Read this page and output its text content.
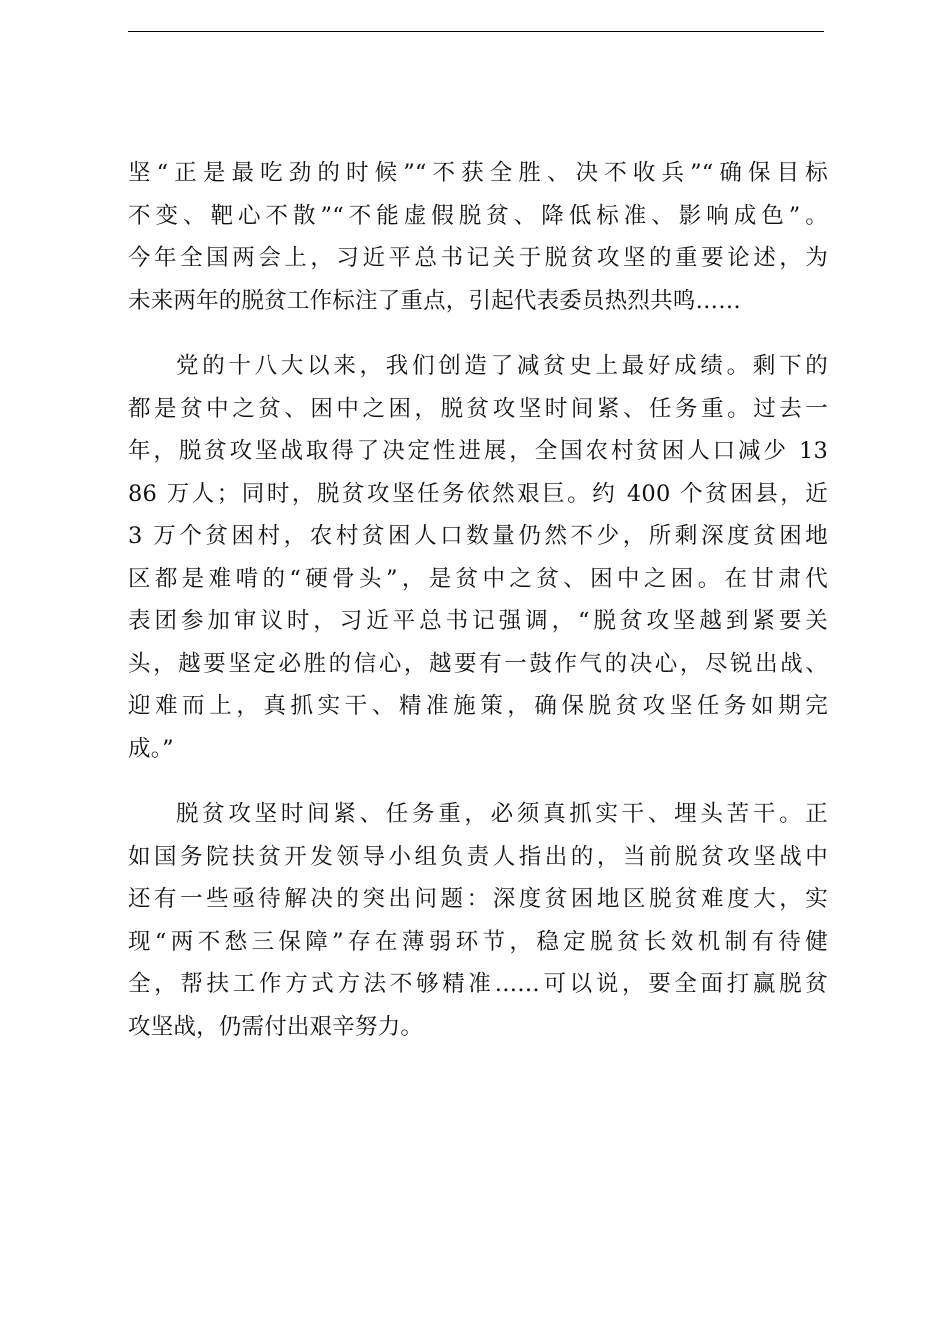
坚“正是最吃劲的时候”“不获全胜、决不收兵”“确保目标
不变、靶心不散”“不能虚假脱贫、降低标准、影响成色”。
今年全国两会上，习近平总书记关于脱贫攻坚的重要论述，为
未来两年的脱贫工作标注了重点，引起代表委员热烈共鸣……
党的十八大以来，我们创造了减贫史上最好成绩。剩下的
都是贫中之贫、困中之困，脱贫攻坚时间紧、任务重。过去一
年，脱贫攻坚战取得了决定性进展，全国农村贫困人口减少 13
86 万人；同时，脱贫攻坚任务依然艰巨。约 400 个贫困县，近
3 万个贫困村，农村贫困人口数量仍然不少，所剩深度贫困地
区都是难啃的“硬骨头”，是贫中之贫、困中之困。在甘肃代
表团参加审议时，习近平总书记强调，“脱贫攻坚越到紧要关
头，越要坚定必胜的信心，越要有一鼓作气的决心，尽锐出战、
迎难而上，真抓实干、精准施策，确保脱贫攻坚任务如期完
成。”
脱贫攻坚时间紧、任务重，必须真抓实干、埋头苦干。正
如国务院扶贫开发领导小组负责人指出的，当前脱贫攻坚战中
还有一些亟待解决的突出问题：深度贫困地区脱贫难度大，实
现“两不愁三保障”存在薄弱环节，稳定脱贫长效机制有待健
全，帮扶工作方式方法不够精准……可以说，要全面打赢脱贫
攻坚战，仍需付出艰辛努力。
